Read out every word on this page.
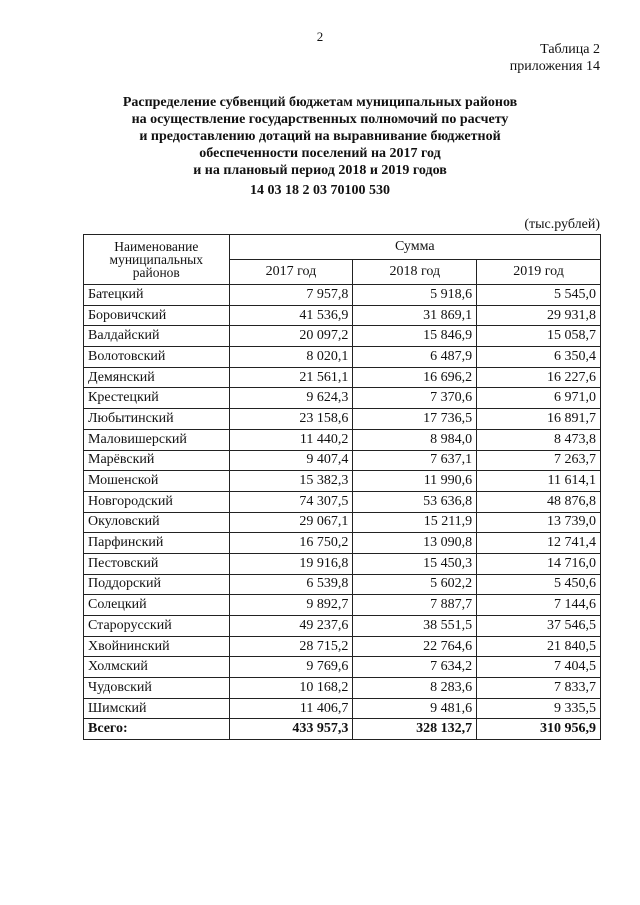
2
Таблица 2
приложения 14
Распределение субвенций бюджетам муниципальных районов
на осуществление государственных полномочий по расчету
и предоставлению дотаций на выравнивание бюджетной
обеспеченности поселений на 2017 год
и на плановый период 2018 и 2019 годов
14 03 18 2 03 70100 530
(тыс.рублей)
Наименование муниципальных районов	Сумма		
	2017 год	2018 год	2019 год
Батецкий	7 957,8	5 918,6	5 545,0
Боровичский	41 536,9	31 869,1	29 931,8
Валдайский	20 097,2	15 846,9	15 058,7
Волотовский	8 020,1	6 487,9	6 350,4
Демянский	21 561,1	16 696,2	16 227,6
Крестецкий	9 624,3	7 370,6	6 971,0
Любытинский	23 158,6	17 736,5	16 891,7
Маловишерский	11 440,2	8 984,0	8 473,8
Марёвский	9 407,4	7 637,1	7 263,7
Мошенской	15 382,3	11 990,6	11 614,1
Новгородский	74 307,5	53 636,8	48 876,8
Окуловский	29 067,1	15 211,9	13 739,0
Парфинский	16 750,2	13 090,8	12 741,4
Пестовский	19 916,8	15 450,3	14 716,0
Поддорский	6 539,8	5 602,2	5 450,6
Солецкий	9 892,7	7 887,7	7 144,6
Старорусский	49 237,6	38 551,5	37 546,5
Хвойнинский	28 715,2	22 764,6	21 840,5
Холмский	9 769,6	7 634,2	7 404,5
Чудовский	10 168,2	8 283,6	7 833,7
Шимский	11 406,7	9 481,6	9 335,5
Всего:	433 957,3	328 132,7	310 956,9
